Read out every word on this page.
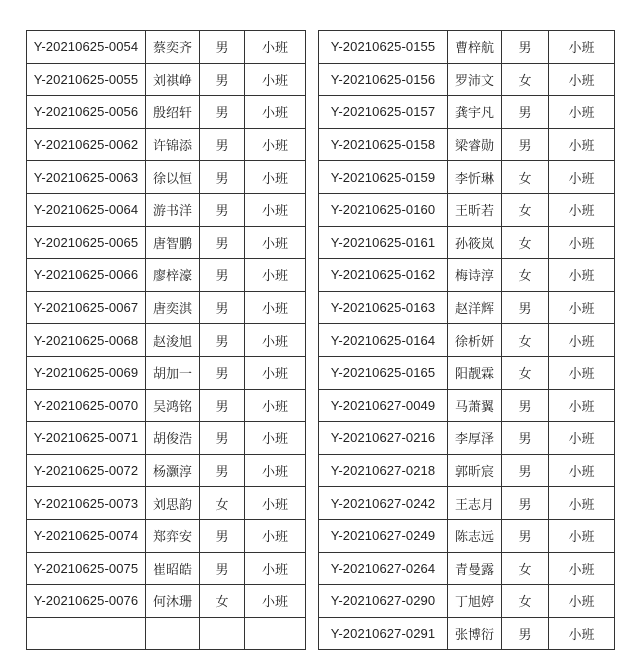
Y-20210625-0054	蔡奕齐	男	小班
Y-20210625-0055	刘祺峥	男	小班
Y-20210625-0056	殷绍轩	男	小班
Y-20210625-0062	许锦添	男	小班
Y-20210625-0063	徐以恒	男	小班
Y-20210625-0064	游书洋	男	小班
Y-20210625-0065	唐智鹏	男	小班
Y-20210625-0066	廖梓濠	男	小班
Y-20210625-0067	唐奕淇	男	小班
Y-20210625-0068	赵浚旭	男	小班
Y-20210625-0069	胡加一	男	小班
Y-20210625-0070	吴鸿铭	男	小班
Y-20210625-0071	胡俊浩	男	小班
Y-20210625-0072	杨灏淳	男	小班
Y-20210625-0073	刘思韵	女	小班
Y-20210625-0074	郑弈安	男	小班
Y-20210625-0075	崔昭皓	男	小班
Y-20210625-0076	何沐珊	女	小班

Y-20210625-0155	曹梓航	男	小班
Y-20210625-0156	罗沛文	女	小班
Y-20210625-0157	龚宇凡	男	小班
Y-20210625-0158	梁睿勋	男	小班
Y-20210625-0159	李忻琳	女	小班
Y-20210625-0160	王昕若	女	小班
Y-20210625-0161	孙筱岚	女	小班
Y-20210625-0162	梅诗淳	女	小班
Y-20210625-0163	赵洋辉	男	小班
Y-20210625-0164	徐析妍	女	小班
Y-20210625-0165	阳靓霖	女	小班
Y-20210627-0049	马萧翼	男	小班
Y-20210627-0216	李厚泽	男	小班
Y-20210627-0218	郭昕宸	男	小班
Y-20210627-0242	王志月	男	小班
Y-20210627-0249	陈志远	男	小班
Y-20210627-0264	青曼露	女	小班
Y-20210627-0290	丁旭婷	女	小班
Y-20210627-0291	张博衍	男	小班
